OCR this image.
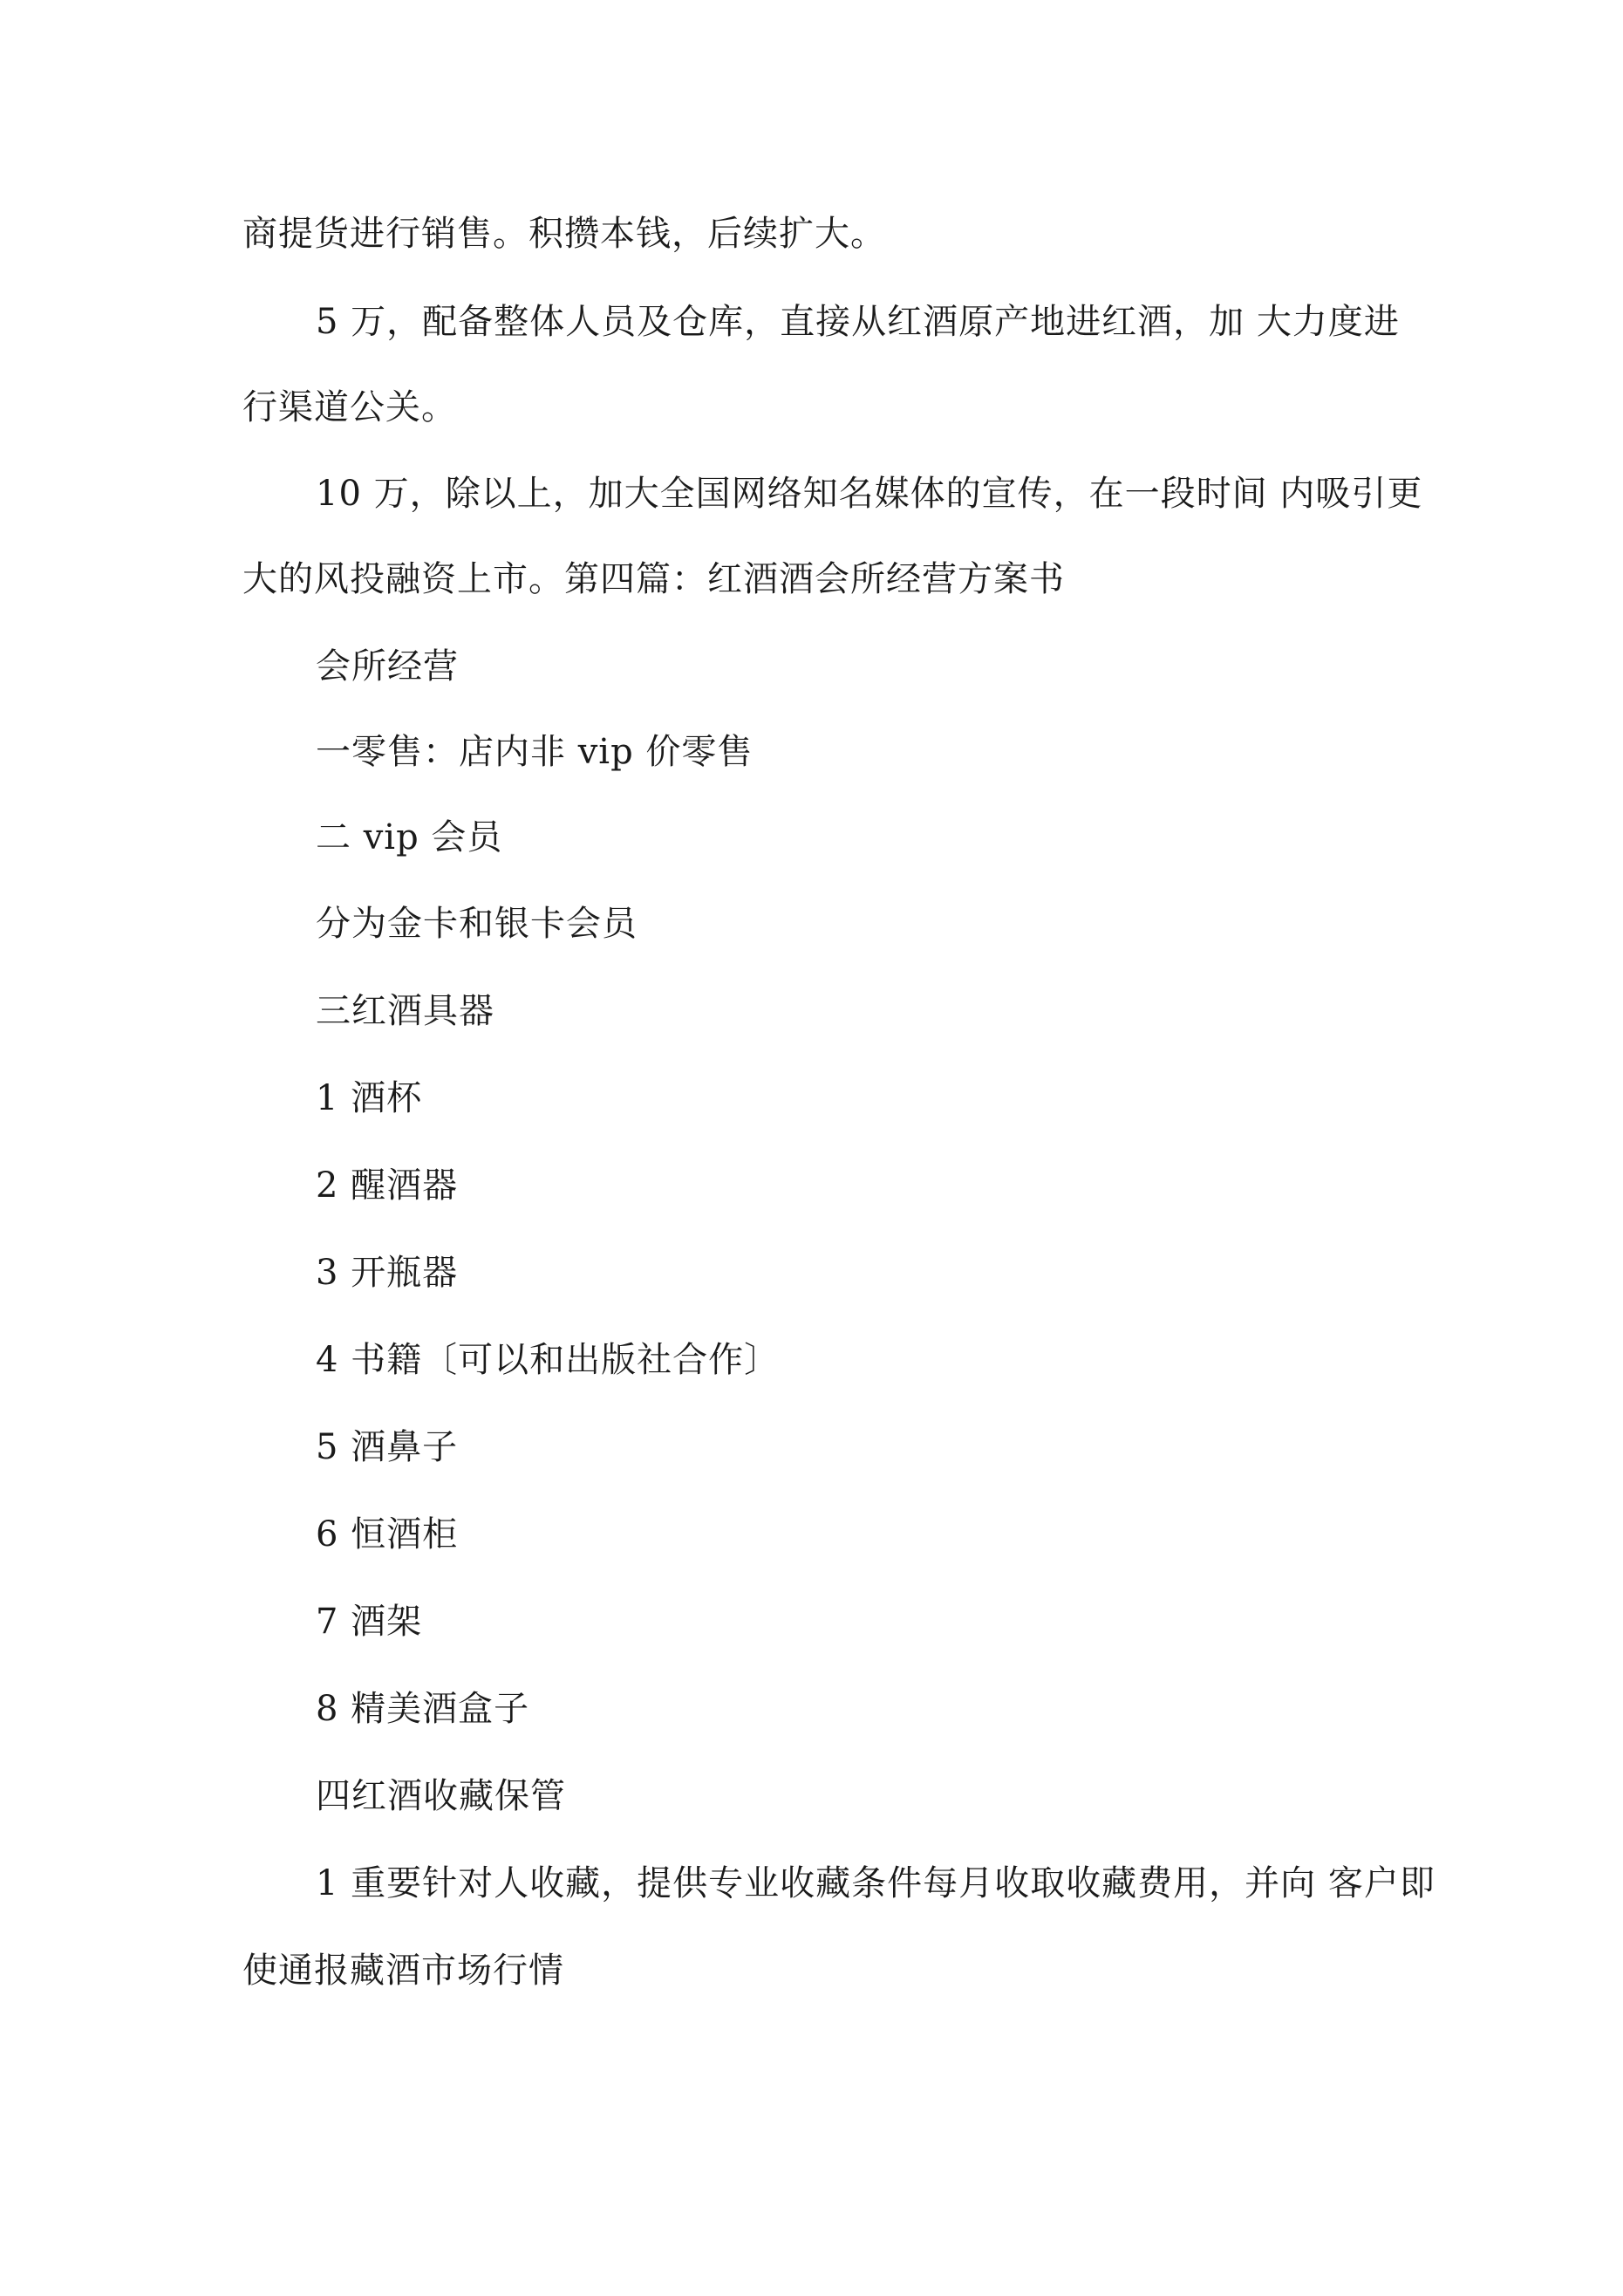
商提货进行销售。积攒本钱，后续扩大。
5 万，配备整体人员及仓库，直接从红酒原产地进红酒，加 大力度进
行渠道公关。
10 万，除以上，加大全国网络知名媒体的宣传，在一段时间 内吸引更
大的风投融资上市。第四篇：红酒酒会所经营方案书
会所经营
一零售：店内非 vip 价零售
二 vip 会员
分为金卡和银卡会员
三红酒具器
1 酒杯
2 醒酒器
3 开瓶器
4 书籍〔可以和出版社合作〕
5 酒鼻子
6 恒酒柜
7 酒架
8 精美酒盒子
四红酒收藏保管
1 重要针对人收藏，提供专业收藏条件每月收取收藏费用，并向 客户即
使通报藏酒市场行情
